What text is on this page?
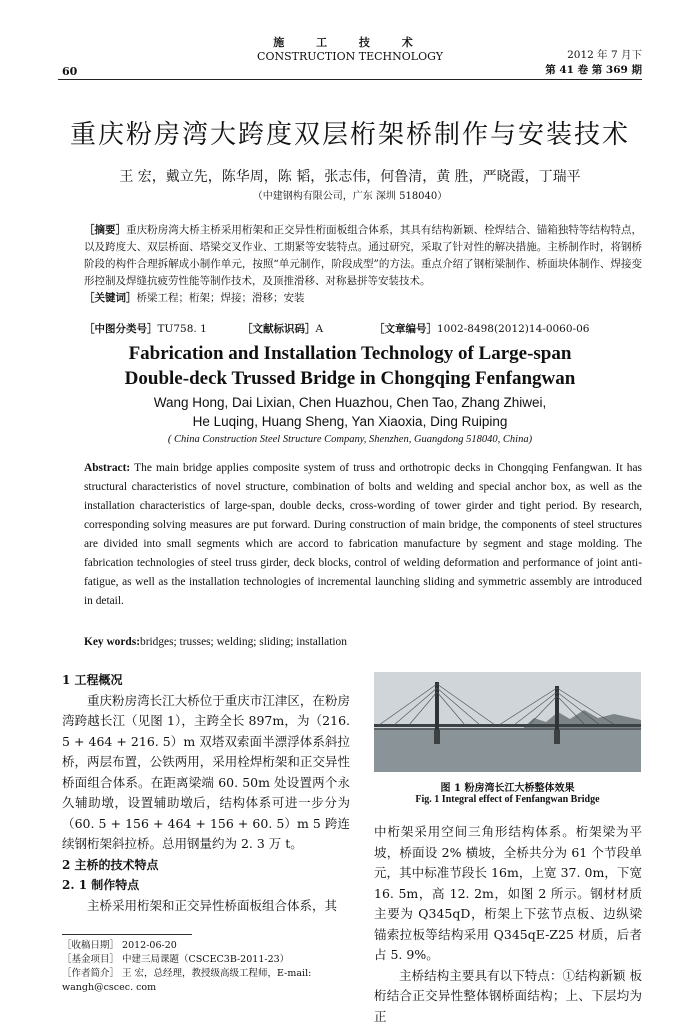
施 工 技 术
CONSTRUCTION TECHNOLOGY
60
2012 年 7 月下
第 41 卷 第 369 期
重庆粉房湾大跨度双层桁架桥制作与安装技术
王 宏，戴立先，陈华周，陈 韬，张志伟，何鲁清，黄 胜，严晓霞，丁瑞平
（中建钢构有限公司，广东 深圳 518040）
［摘要］重庆粉房湾大桥主桥采用桁架和正交异性桁面板组合体系，其具有结构新颖、栓焊结合、锚箱独特等结构特点，以及跨度大、双层桥面、塔梁交叉作业、工期紧等安装特点。通过研究，采取了针对性的解决措施。主桥制作时，将钢桥阶段的构件合理拆解成小制作单元，按照“单元制作，阶段成型”的方法。重点介绍了钢桁梁制作、桥面块体制作、焊接变形控制及焊缝抗疲劳性能等制作技术，及顶推滑移、对称悬拼等安装技术。
［关键词］桥梁工程；桁架；焊接；滑移；安装
［中图分类号］TU758. 1	［文献标识码］A	［文章编号］1002-8498(2012)14-0060-06
Fabrication and Installation Technology of Large-span
Double-deck Trussed Bridge in Chongqing Fenfangwan
Wang Hong, Dai Lixian, Chen Huazhou, Chen Tao, Zhang Zhiwei,
He Luqing, Huang Sheng, Yan Xiaoxia, Ding Ruiping
( China Construction Steel Structure Company, Shenzhen, Guangdong 518040, China)
Abstract: The main bridge applies composite system of truss and orthotropic decks in Chongqing Fenfangwan. It has structural characteristics of novel structure, combination of bolts and welding and special anchor box, as well as the installation characteristics of large-span, double decks, cross-wording of tower girder and tight period. By research, corresponding solving measures are put forward. During construction of main bridge, the components of steel structures are divided into small segments which are accord to fabrication manufacture by segment and stage molding. The fabrication technologies of steel truss girder, deck blocks, control of welding deformation and performance of joint anti-fatigue, as well as the installation technologies of incremental launching sliding and symmetric assembly are introduced in detail.
Key words:bridges; trusses; welding; sliding; installation
1 工程概况

重庆粉房湾长江大桥位于重庆市江津区，在粉房湾跨越长江（见图 1），主跨全长 897m，为（216. 5 + 464 + 216. 5）m 双塔双索面半漂浮体系斜拉桥，两层布置，公铁两用，采用栓焊桁架和正交异性桥面组合体系。在距离梁端 60. 50m 处设置两个永久辅助墩，设置辅助墩后，结构体系可进一步分为（60. 5 + 156 + 464 + 156 + 60. 5）m 5 跨连续钢桁架斜拉桥。总用钢量约为 2. 3 万 t。

2 主桥的技术特点
2. 1 制作特点

主桥采用桁架和正交异性桥面板组合体系，其

图 1 粉房湾长江大桥整体效果
Fig. 1 Integral effect of Fenfangwan Bridge

中桁架采用空间三角形结构体系。桁架梁为平坡，桥面设 2% 横坡，全桥共分为 61 个节段单元，其中标准节段长 16m，上宽 37. 0m，下宽 16. 5m，高 12. 2m，如图 2 所示。钢材材质主要为 Q345qD，桁架上下弦节点板、边纵梁锚索拉板等结构采用 Q345qE-Z25 材质，后者占 5. 9%。

主桥结构主要具有以下特点：①结构新颖 板桁结合正交异性整体钢桥面结构；上、下层均为正

［收稿日期］ 2012-06-20
［基金项目］ 中建三局课题（CSCEC3B-2011-23）
［作者简介］ 王 宏，总经理，教授级高级工程师，E-mail: wangh@cscec. com
